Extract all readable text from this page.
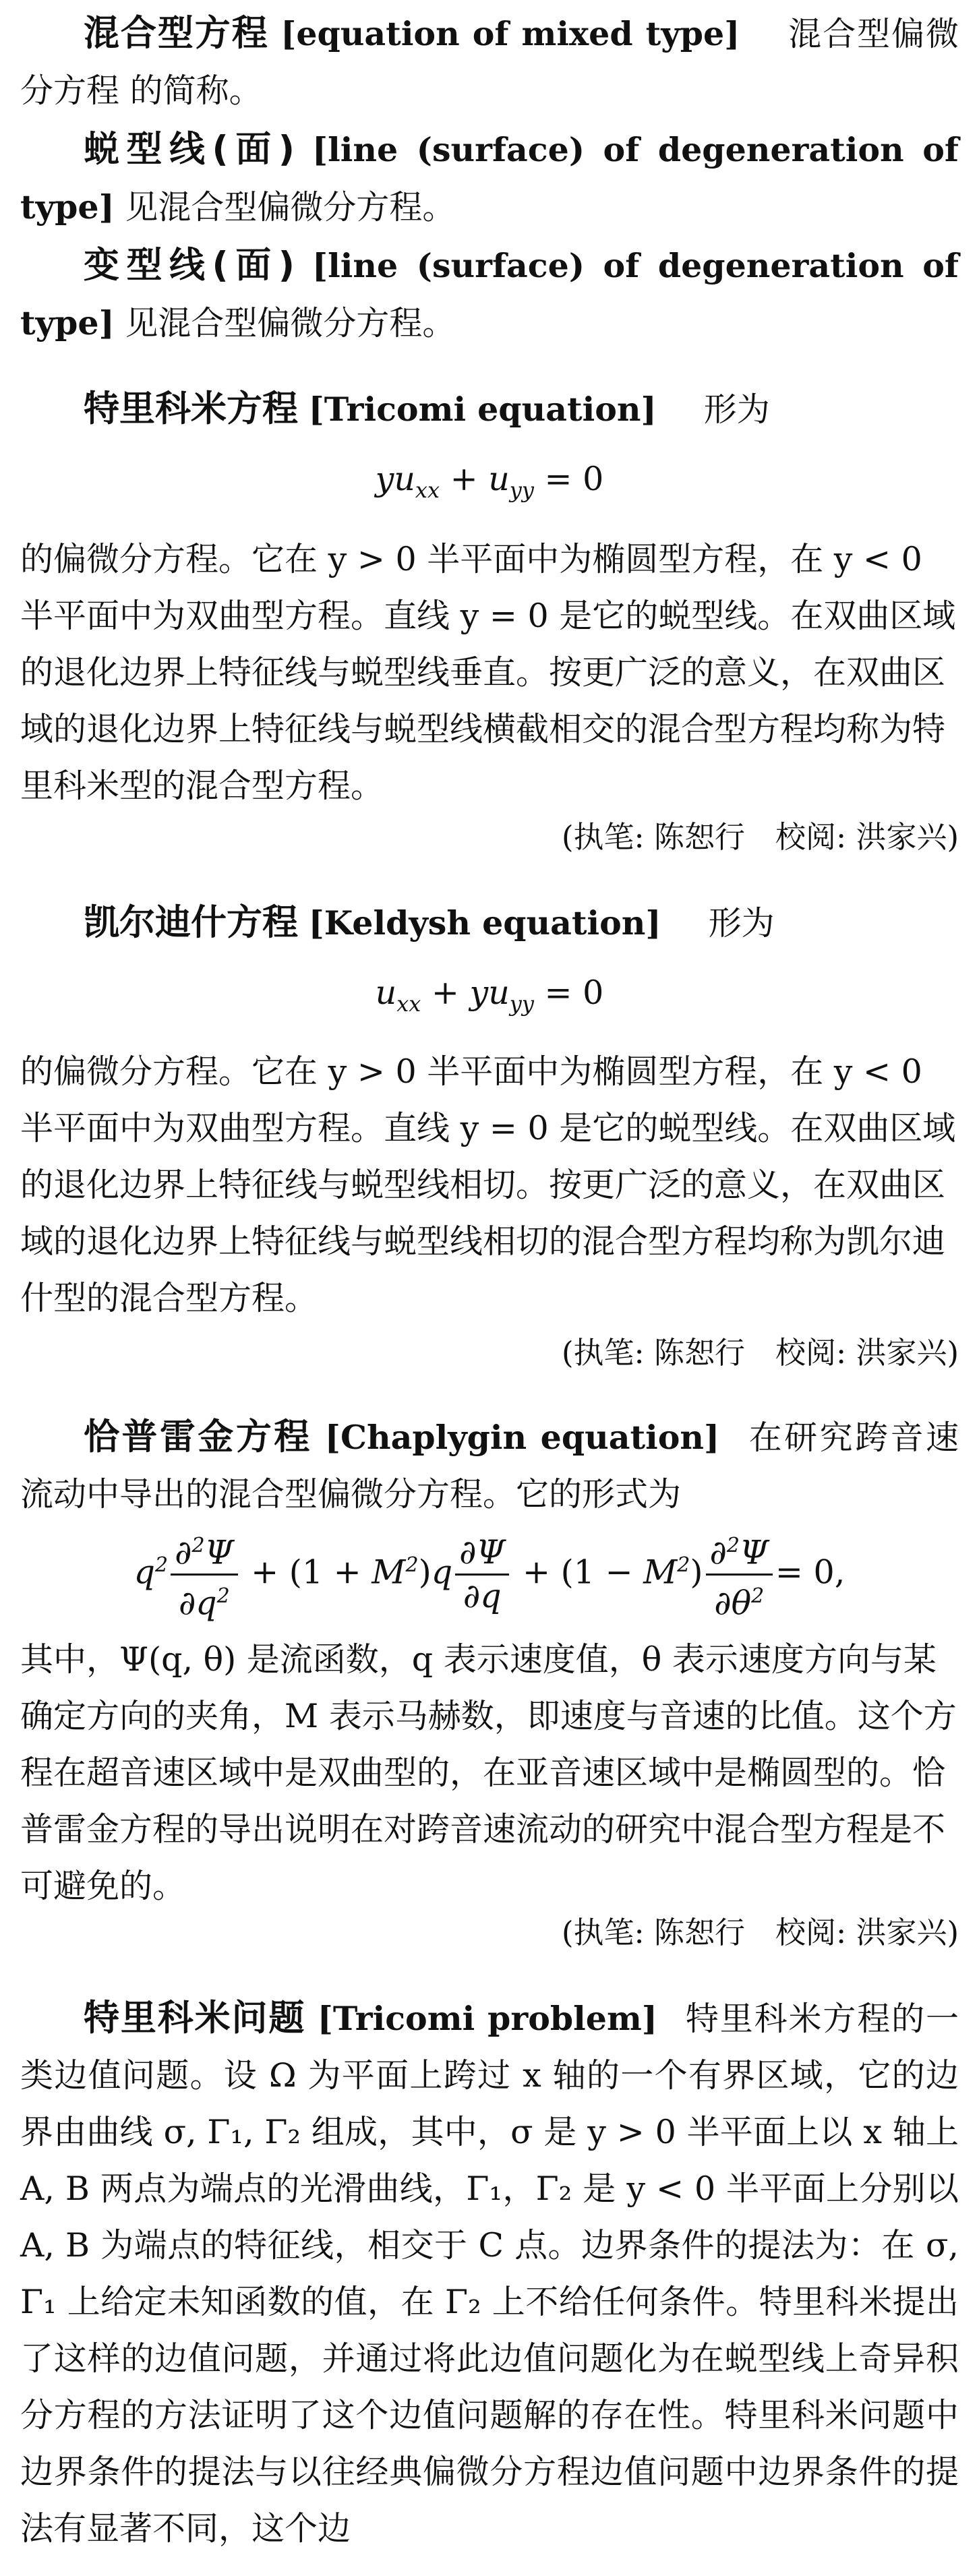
混合型方程 [equation of mixed type] 混合型偏微分方程 的简称。
蜕型线(面) [line (surface) of degeneration of type] 见混合型偏微分方程。
变型线(面) [line (surface) of degeneration of type] 见混合型偏微分方程。
特里科米方程 [Tricomi equation] 形为
$yu_{xx} + u_{yy} = 0$
的偏微分方程。它在 y > 0 半平面中为椭圆型方程，在 y < 0 半平面中为双曲型方程。直线 y = 0 是它的蜕型线。在双曲区域的退化边界上特征线与蜕型线垂直。按更广泛的意义，在双曲区域的退化边界上特征线与蜕型线横截相交的混合型方程均称为特里科米型的混合型方程。
(执笔: 陈恕行　校阅: 洪家兴)
凯尔迪什方程 [Keldysh equation] 形为
$u_{xx} + yu_{yy} = 0$
的偏微分方程。它在 y > 0 半平面中为椭圆型方程，在 y < 0 半平面中为双曲型方程。直线 y = 0 是它的蜕型线。在双曲区域的退化边界上特征线与蜕型线相切。按更广泛的意义，在双曲区域的退化边界上特征线与蜕型线相切的混合型方程均称为凯尔迪什型的混合型方程。
(执笔: 陈恕行　校阅: 洪家兴)
恰普雷金方程 [Chaplygin equation] 在研究跨音速流动中导出的混合型偏微分方程。它的形式为
$q^2 \frac{\partial^2\Psi}{\partial q^2} + (1 + M^2)q \frac{\partial\Psi}{\partial q} + (1 - M^2) \frac{\partial^2\Psi}{\partial\theta^2} = 0$,
其中，Ψ(q, θ) 是流函数，q 表示速度值，θ 表示速度方向与某确定方向的夹角，M 表示马赫数，即速度与音速的比值。这个方程在超音速区域中是双曲型的，在亚音速区域中是椭圆型的。恰普雷金方程的导出说明在对跨音速流动的研究中混合型方程是不可避免的。
(执笔: 陈恕行　校阅: 洪家兴)
特里科米问题 [Tricomi problem] 特里科米方程的一类边值问题。设 Ω 为平面上跨过 x 轴的一个有界区域，它的边界由曲线 σ, Γ₁, Γ₂ 组成，其中，σ 是 y > 0 半平面上以 x 轴上 A, B 两点为端点的光滑曲线，Γ₁，Γ₂ 是 y < 0 半平面上分别以 A, B 为端点的特征线，相交于 C 点。边界条件的提法为：在 σ, Γ₁ 上给定未知函数的值，在 Γ₂ 上不给任何条件。特里科米提出了这样的边值问题，并通过将此边值问题化为在蜕型线上奇异积分方程的方法证明了这个边值问题解的存在性。特里科米问题中边界条件的提法与以往经典偏微分方程边值问题中边界条件的提法有显著不同，这个边
